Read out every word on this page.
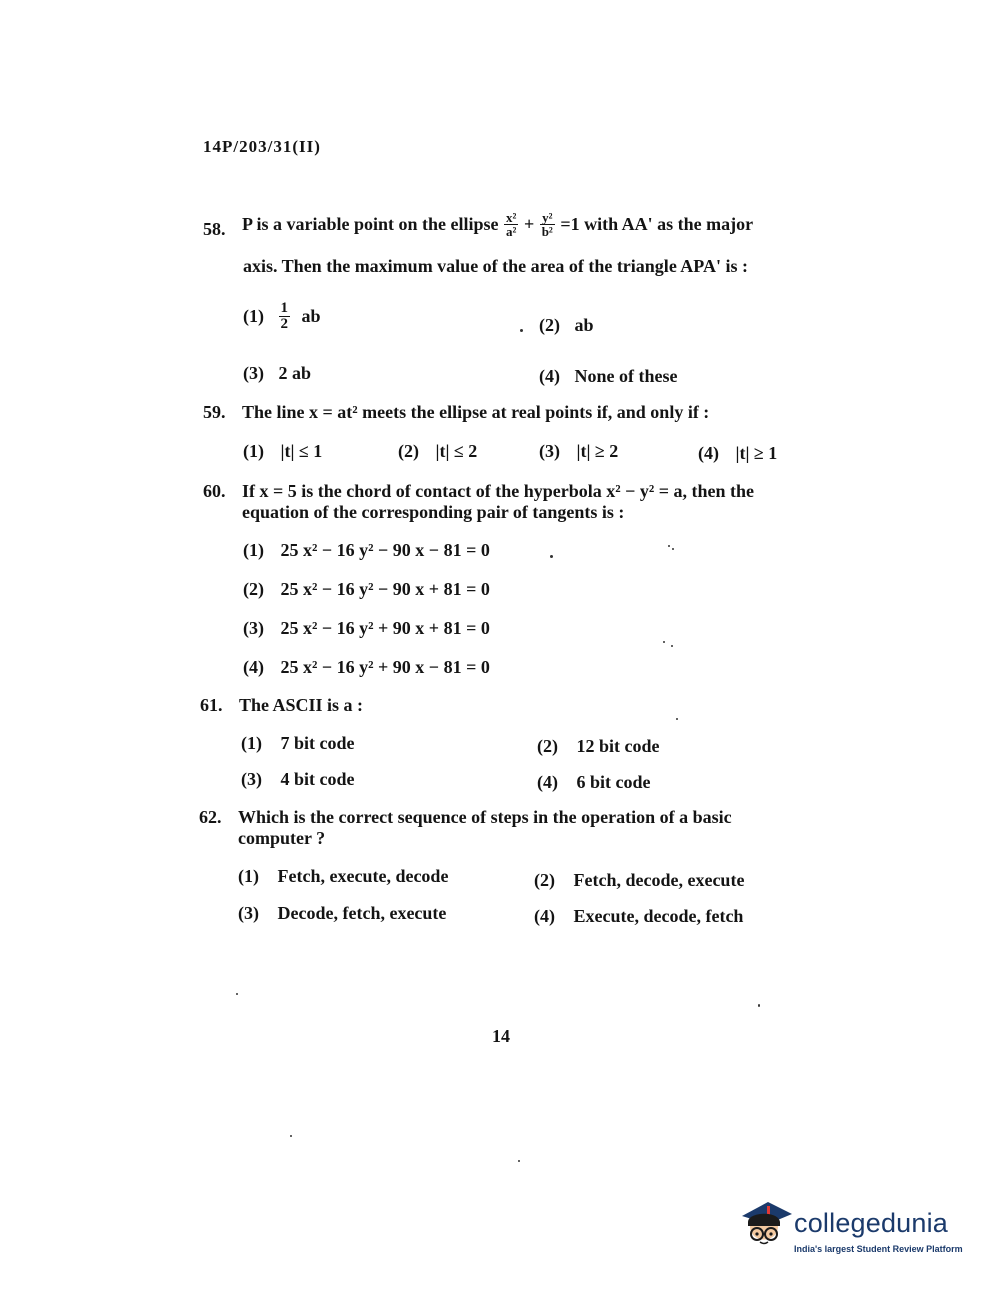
14P/203/31(II)
58. P is a variable point on the ellipse $\frac{\text{x²}}{\text{a²}} + \frac{\text{y²}}{\text{b²}} =1$ with AA' as the major
axis. Then the maximum value of the area of the triangle APA' is :
$(1) \frac{1}{2}$ ab	(2) ab
(3) 2 ab	(4) None of these
59. The line x = at² meets the ellipse at real points if, and only if :
(1) |t| ≤ 1	(2) |t| ≤ 2	(3) |t| ≥ 2	(4) |t| ≥ 1
60. If x = 5 is the chord of contact of the hyperbola x² − y² = a, then the
equation of the corresponding pair of tangents is :
(1) 25 x² − 16 y² − 90 x − 81 = 0
(2) 25 x² − 16 y² − 90 x + 81 = 0
(3) 25 x² − 16 y² + 90 x + 81 = 0
(4) 25 x² − 16 y² + 90 x − 81 = 0
61. The ASCII is a :
(1) 7 bit code	(2) 12 bit code
(3) 4 bit code	(4) 6 bit code
62. Which is the correct sequence of steps in the operation of a basic
computer ?
(1) Fetch, execute, decode	(2) Fetch, decode, execute
(3) Decode, fetch, execute	(4) Execute, decode, fetch
14
collegedunia
India's largest Student Review Platform
